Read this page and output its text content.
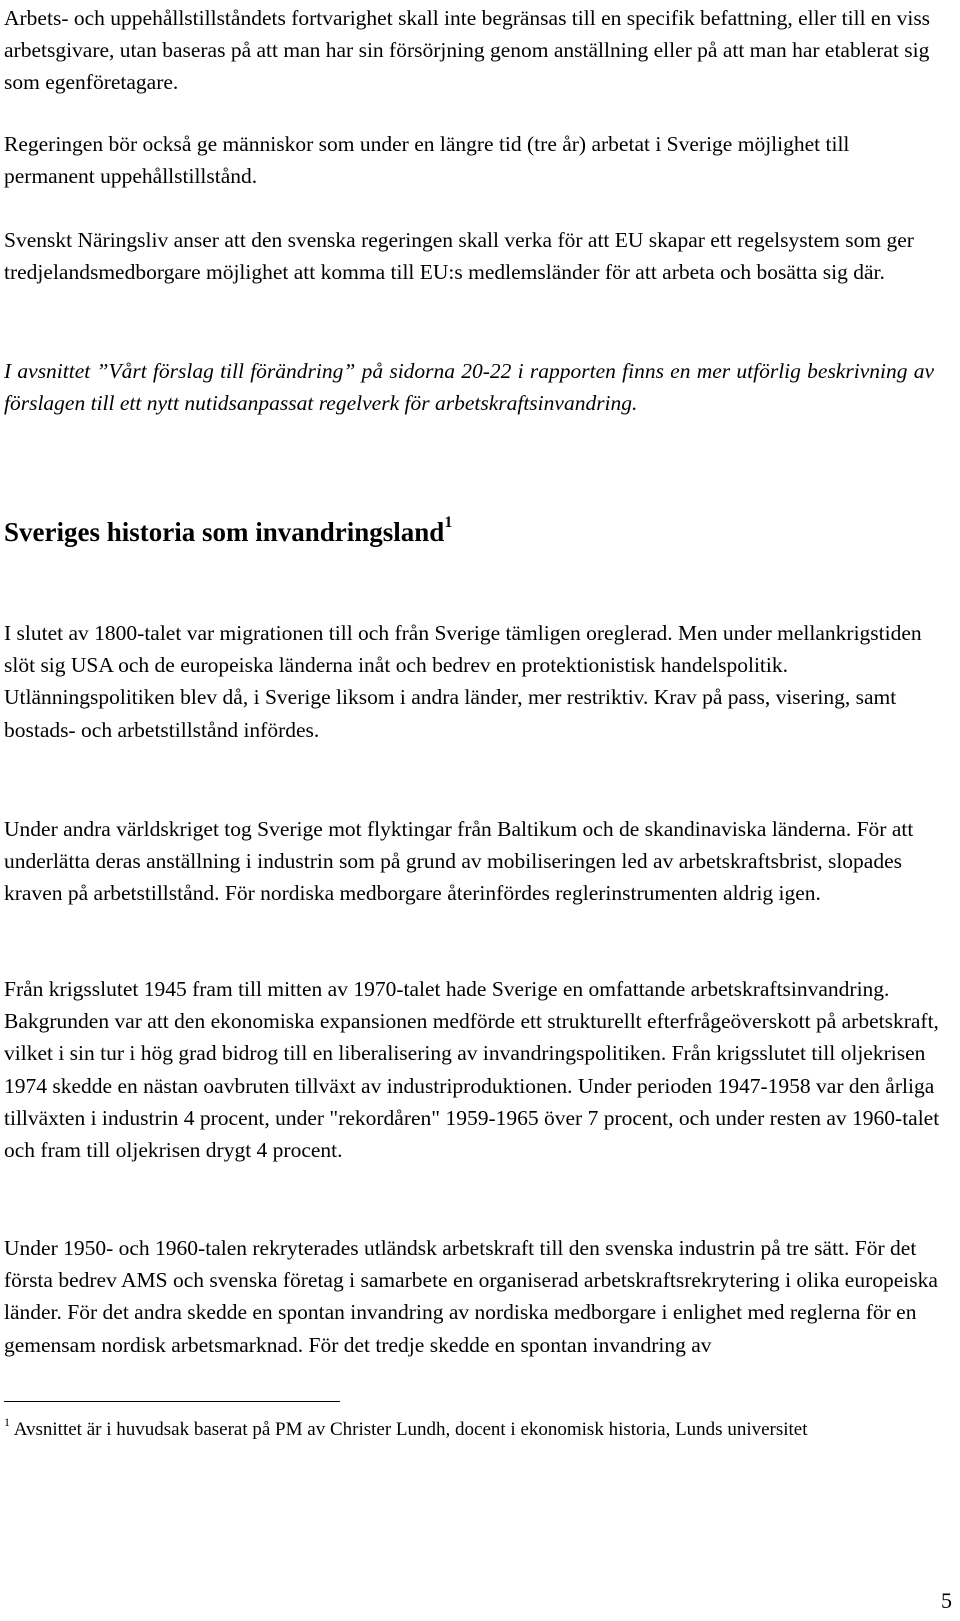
Arbets- och uppehållstillståndets fortvarighet skall inte begränsas till en specifik befattning, eller till en viss arbetsgivare, utan baseras på att man har sin försörjning genom anställning eller på att man har etablerat sig som egenföretagare.

Regeringen bör också ge människor som under en längre tid (tre år) arbetat i Sverige möjlighet till permanent uppehållstillstånd.

Svenskt Näringsliv anser att den svenska regeringen skall verka för att EU skapar ett regelsystem som ger tredjelandsmedborgare möjlighet att komma till EU:s medlemsländer för att arbeta och bosätta sig där.

I avsnittet ”Vårt förslag till förändring” på sidorna 20-22 i rapporten finns en mer utförlig beskrivning av förslagen till ett nytt nutidsanpassat regelverk för arbetskraftsinvandring.

Sveriges historia som invandringsland$^1$

I slutet av 1800-talet var migrationen till och från Sverige tämligen oreglerad. Men under mellankrigstiden slöt sig USA och de europeiska länderna inåt och bedrev en protektionistisk handelspolitik. Utlänningspolitiken blev då, i Sverige liksom i andra länder, mer restriktiv. Krav på pass, visering, samt bostads- och arbetstillstånd infördes.

Under andra världskriget tog Sverige mot flyktingar från Baltikum och de skandinaviska länderna. För att underlätta deras anställning i industrin som på grund av mobiliseringen led av arbetskraftsbrist, slopades kraven på arbetstillstånd. För nordiska medborgare återinfördes reglerinstrumenten aldrig igen.

Från krigsslutet 1945 fram till mitten av 1970-talet hade Sverige en omfattande arbetskraftsinvandring. Bakgrunden var att den ekonomiska expansionen medförde ett strukturellt efterfrågeöverskott på arbetskraft, vilket i sin tur i hög grad bidrog till en liberalisering av invandringspolitiken. Från krigsslutet till oljekrisen 1974 skedde en nästan oavbruten tillväxt av industriproduktionen. Under perioden 1947-1958 var den årliga tillväxten i industrin 4 procent, under "rekordåren" 1959-1965 över 7 procent, och under resten av 1960-talet och fram till oljekrisen drygt 4 procent.

Under 1950- och 1960-talen rekryterades utländsk arbetskraft till den svenska industrin på tre sätt. För det första bedrev AMS och svenska företag i samarbete en organiserad arbetskraftsrekrytering i olika europeiska länder. För det andra skedde en spontan invandring av nordiska medborgare i enlighet med reglerna för en gemensam nordisk arbetsmarknad. För det tredje skedde en spontan invandring av

$^1$ Avsnittet är i huvudsak baserat på PM av Christer Lundh, docent i ekonomisk historia, Lunds universitet
5
